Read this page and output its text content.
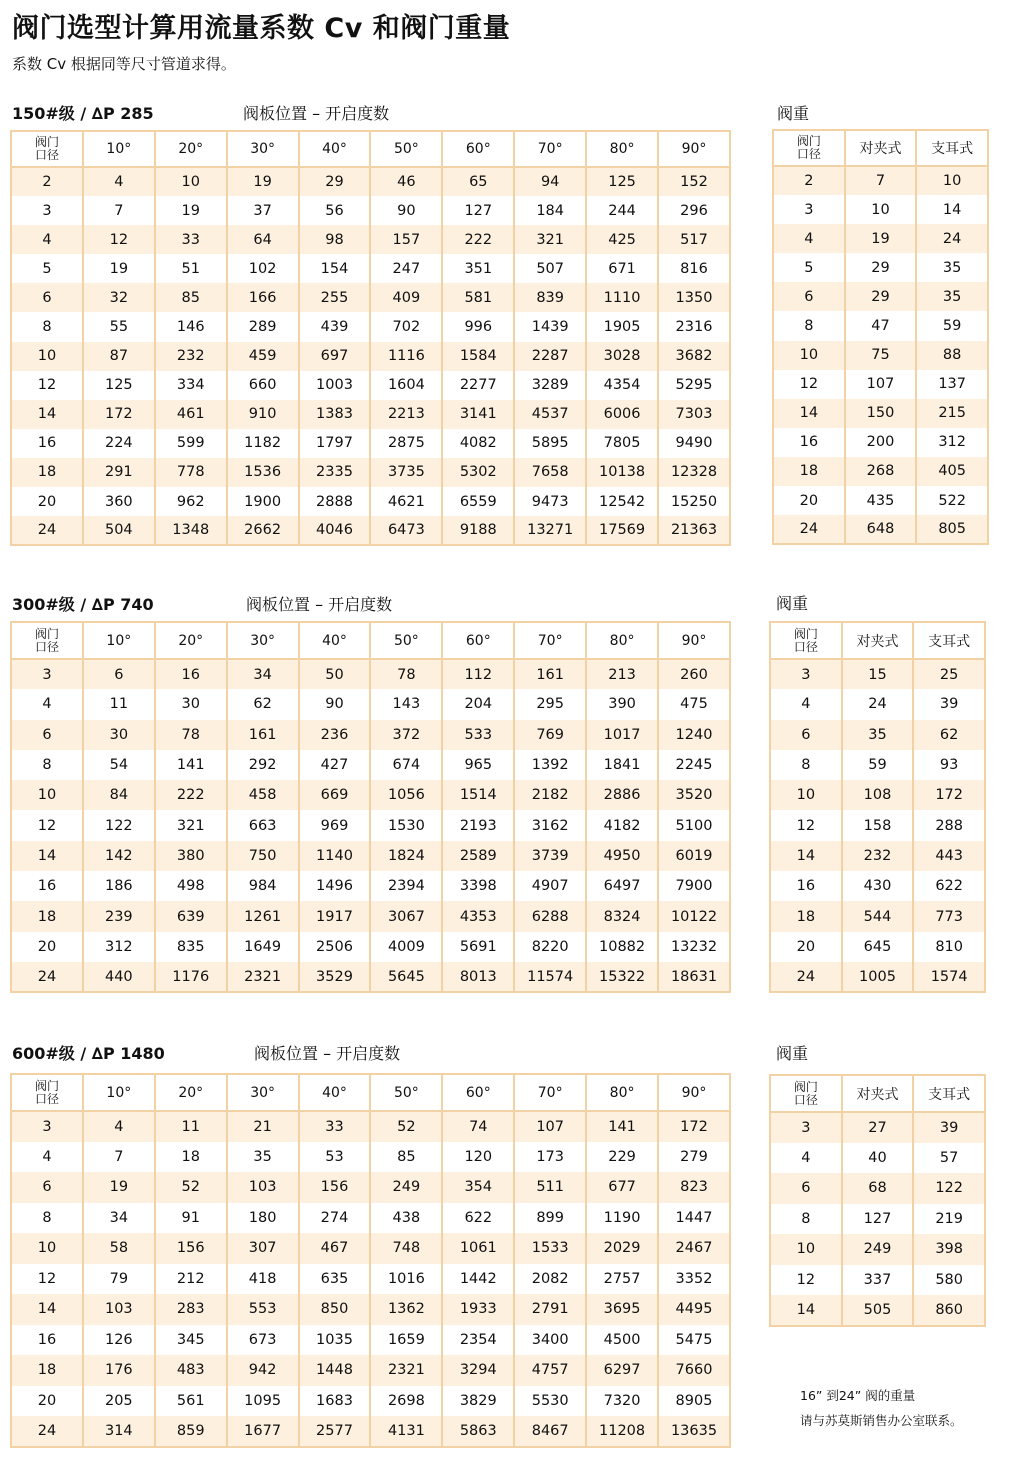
阀门选型计算用流量系数 Cv 和阀门重量
系数 Cv 根据同等尺寸管道求得。
150#级 / ∆P 285	阀板位置 – 开启度数	阀重
阀门
口径	10°	20°	30°	40°	50°	60°	70°	80°	90°
2	4	10	19	29	46	65	94	125	152
3	7	19	37	56	90	127	184	244	296
4	12	33	64	98	157	222	321	425	517
5	19	51	102	154	247	351	507	671	816
6	32	85	166	255	409	581	839	1110	1350
8	55	146	289	439	702	996	1439	1905	2316
10	87	232	459	697	1116	1584	2287	3028	3682
12	125	334	660	1003	1604	2277	3289	4354	5295
14	172	461	910	1383	2213	3141	4537	6006	7303
16	224	599	1182	1797	2875	4082	5895	7805	9490
18	291	778	1536	2335	3735	5302	7658	10138	12328
20	360	962	1900	2888	4621	6559	9473	12542	15250
24	504	1348	2662	4046	6473	9188	13271	17569	21363
阀门
口径	对夹式	支耳式
2	7	10
3	10	14
4	19	24
5	29	35
6	29	35
8	47	59
10	75	88
12	107	137
14	150	215
16	200	312
18	268	405
20	435	522
24	648	805
300#级 / ∆P 740	阀板位置 – 开启度数	阀重
阀门
口径	10°	20°	30°	40°	50°	60°	70°	80°	90°
3	6	16	34	50	78	112	161	213	260
4	11	30	62	90	143	204	295	390	475
6	30	78	161	236	372	533	769	1017	1240
8	54	141	292	427	674	965	1392	1841	2245
10	84	222	458	669	1056	1514	2182	2886	3520
12	122	321	663	969	1530	2193	3162	4182	5100
14	142	380	750	1140	1824	2589	3739	4950	6019
16	186	498	984	1496	2394	3398	4907	6497	7900
18	239	639	1261	1917	3067	4353	6288	8324	10122
20	312	835	1649	2506	4009	5691	8220	10882	13232
24	440	1176	2321	3529	5645	8013	11574	15322	18631
阀门
口径	对夹式	支耳式
3	15	25
4	24	39
6	35	62
8	59	93
10	108	172
12	158	288
14	232	443
16	430	622
18	544	773
20	645	810
24	1005	1574
600#级 / ∆P 1480	阀板位置 – 开启度数	阀重
阀门
口径	10°	20°	30°	40°	50°	60°	70°	80°	90°
3	4	11	21	33	52	74	107	141	172
4	7	18	35	53	85	120	173	229	279
6	19	52	103	156	249	354	511	677	823
8	34	91	180	274	438	622	899	1190	1447
10	58	156	307	467	748	1061	1533	2029	2467
12	79	212	418	635	1016	1442	2082	2757	3352
14	103	283	553	850	1362	1933	2791	3695	4495
16	126	345	673	1035	1659	2354	3400	4500	5475
18	176	483	942	1448	2321	3294	4757	6297	7660
20	205	561	1095	1683	2698	3829	5530	7320	8905
24	314	859	1677	2577	4131	5863	8467	11208	13635
阀门
口径	对夹式	支耳式
3	27	39
4	40	57
6	68	122
8	127	219
10	249	398
12	337	580
14	505	860
16” 到24” 阀的重量
请与苏莫斯销售办公室联系。
